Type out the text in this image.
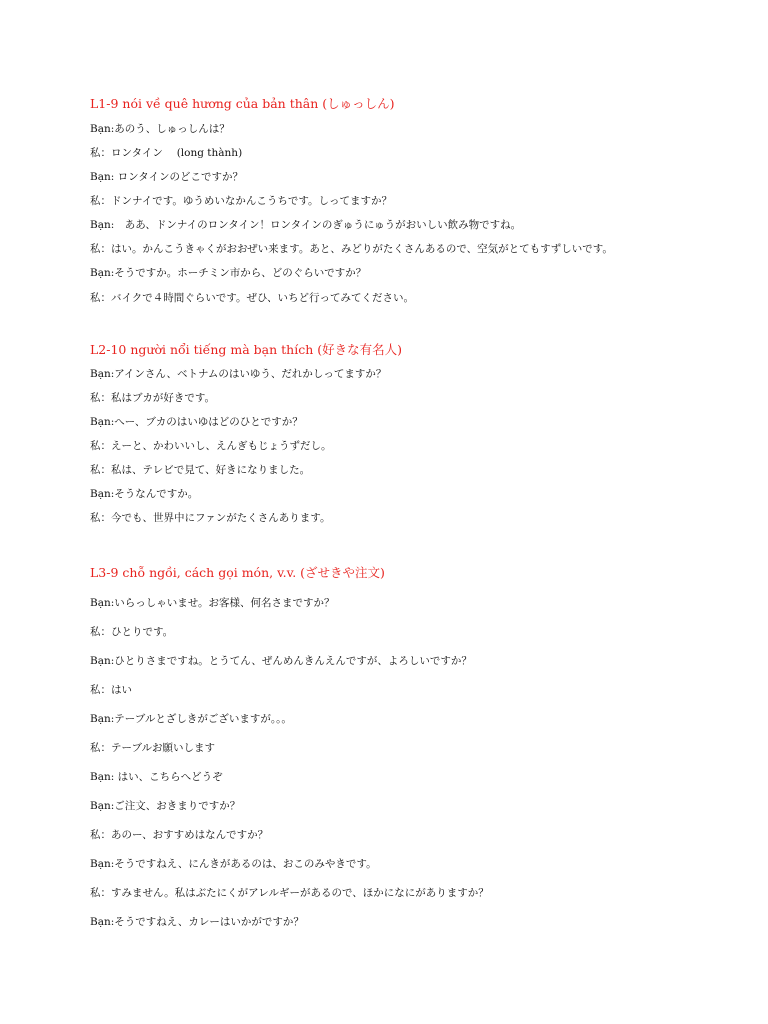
L1-9 nói về quê hương của bản thân (しゅっしん)
Bạn:あのう、しゅっしんは？
私：ロンタイン　 (long thành)
Bạn: ロンタインのどこですか？
私：ドンナイです。ゆうめいなかんこうちです。しってますか？
Bạn:　ああ、ドンナイのロンタイン！ロンタインのぎゅうにゅうがおいしい飲み物ですね。
私：はい。かんこうきゃくがおおぜい来ます。あと、みどりがたくさんあるので、空気がとてもすずしいです。
Bạn:そうですか。ホーチミン市から、どのぐらいですか？
私：バイクで４時間ぐらいです。ぜひ、いちど行ってみてください。
L2-10 người nổi tiếng mà bạn thích (好きな有名人)
Bạn:アインさん、ベトナムのはいゆう、だれかしってますか？
私：私はブカが好きです。
Bạn:へー、ブカのはいゆはどのひとですか？
私：えーと、かわいいし、えんぎもじょうずだし。
私：私は、テレビで見て、好きになりました。
Bạn:そうなんですか。
私：今でも、世界中にファンがたくさんあります。
L3-9 chỗ ngồi, cách gọi món, v.v. (ざせきや注文)
Bạn:いらっしゃいませ。お客様、何名さまですか？
私：ひとりです。
Bạn:ひとりさまですね。とうてん、ぜんめんきんえんですが、よろしいですか？
私：はい
Bạn:テーブルとざしきがございますが。。。
私：テーブルお願いします
Bạn: はい、こちらへどうぞ
Bạn:ご注文、おきまりですか？
私：あのー、おすすめはなんですか？
Bạn:そうですねえ、にんきがあるのは、おこのみやきです。
私：すみません。私はぶたにくがアレルギーがあるので、ほかになにがありますか？
Bạn:そうですねえ、カレーはいかがですか？
